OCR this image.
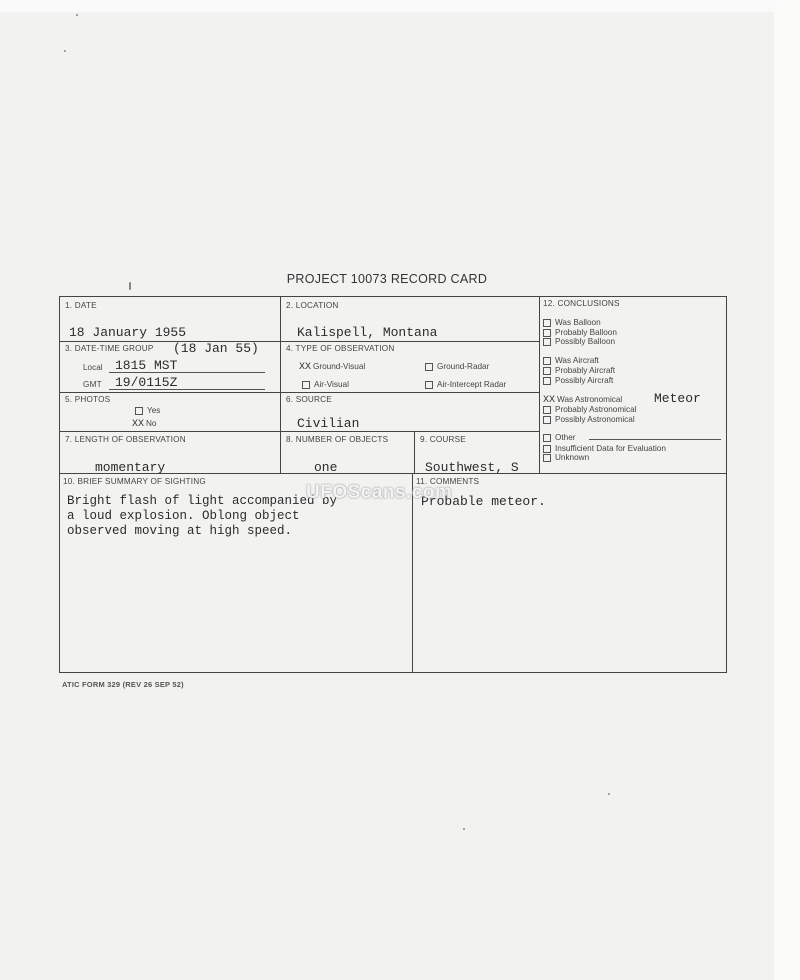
PROJECT 10073 RECORD CARD
1. DATE
18 January 1955
2. LOCATION
Kalispell, Montana
3. DATE-TIME GROUP (18 Jan 55)
Local 1815 MST
GMT 19/0115Z
4. TYPE OF OBSERVATION
XX Ground-Visual	Ground-Radar
Air-Visual	Air-Intercept Radar
5. PHOTOS
Yes
XX No
6. SOURCE
Civilian
7. LENGTH OF OBSERVATION
momentary
8. NUMBER OF OBJECTS
one
9. COURSE
Southwest, S
10. BRIEF SUMMARY OF SIGHTING
Bright flash of light accompanied by
a loud explosion. Oblong object
observed moving at high speed.
11. COMMENTS
Probable meteor.
12. CONCLUSIONS
Was Balloon
Probably Balloon
Possibly Balloon
Was Aircraft
Probably Aircraft
Possibly Aircraft
XX Was Astronomical Meteor
Probably Astronomical
Possibly Astronomical
Other
Insufficient Data for Evaluation
Unknown
UFOScans.com
ATIC FORM 329 (REV 26 SEP 52)
